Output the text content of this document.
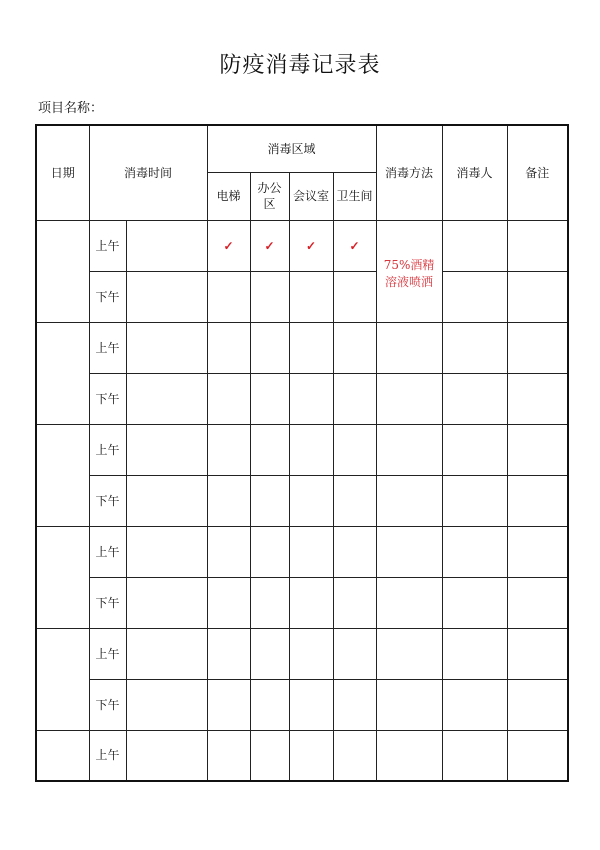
防疫消毒记录表
项目名称：
日期	消毒时间		消毒区域				消毒方法	消毒人	备注
			电梯	办公区	会议室	卫生间			
	上午		✓	✓	✓	✓	75%酒精
溶液喷洒		

	下午								
	上午								
	下午								
	上午								
	下午								
	上午								
	下午								
	上午								
	下午								
	上午								
